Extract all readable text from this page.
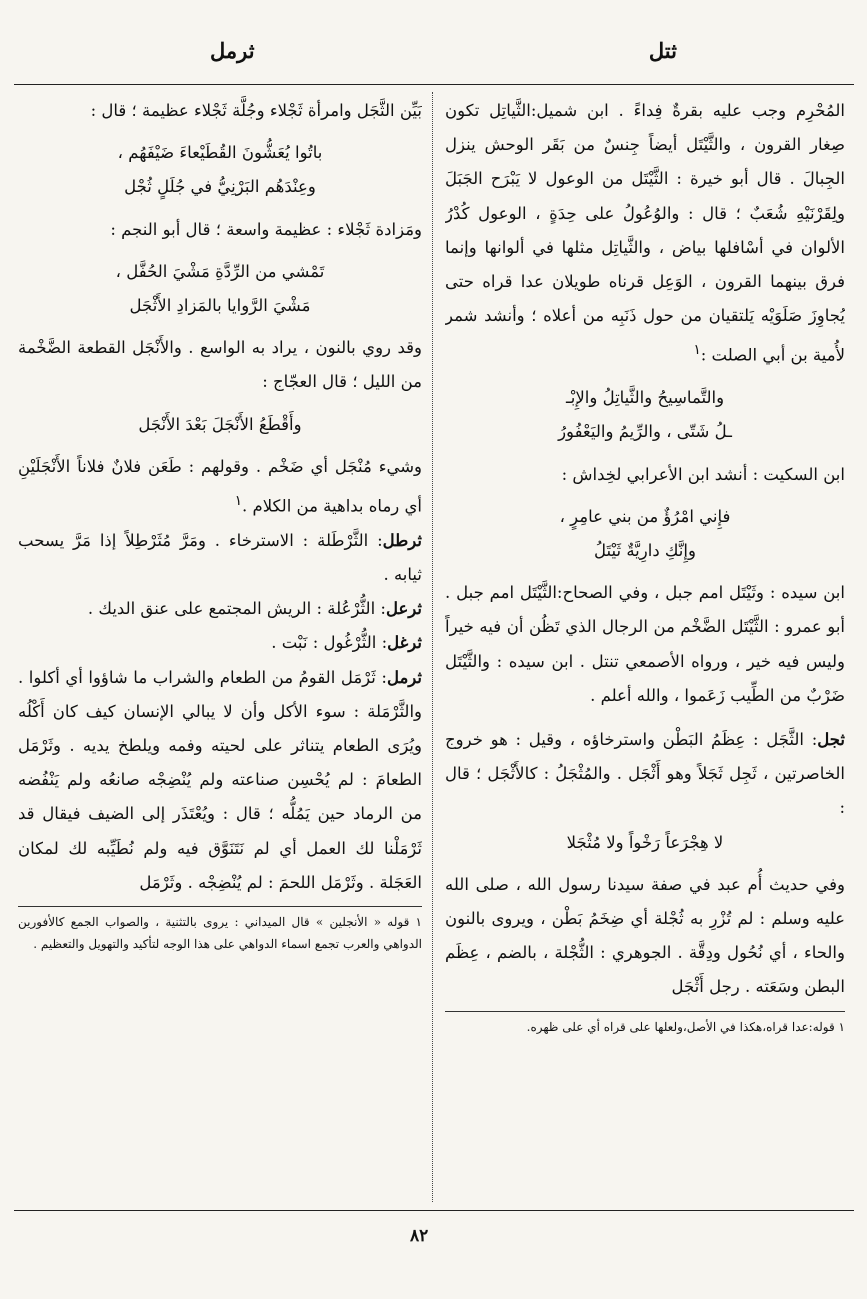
ثتل
ثرمل

المُحْرِم وجب عليه بقرةٌ فِداءً . ابن شميل:الثَّياتِل تكون صِغار القرون ، والثَّيْتَل أيضاً جِنسٌ من بَقَر الوحش ينزل الجِبالَ . قال أبو خيرة : الثَّيْتَل من الوعول لا يَبْرَح الجَبَلَ ولِقَرْنَيْهِ شُعَبٌ ؛ قال : والوُعُولُ على حِدَةٍ ، الوعول كُدْرُ الألوان في أسْافلها بياض ، والثَّياتِل مثلها في ألوانها وإنما فرق بينهما القرون ، الوَعِل قرناه طويلان عدا قراه حتى يُجاوِزَ صَلَوَيْه يَلتقيان من حول ذَنَبِه من أعلاه ؛ وأنشد شمر لأُمية بن أبي الصلت :$^١$

والتَّماسِيحُ والثَّياتِلُ والإِبْـ

ـلُ شَتّى ، والرِّيمُ واليَعْفُورُ

ابن السكيت : أنشد ابن الأعرابي لخِداش :

فإِني امْرُؤٌ من بني عامِرٍ ،

وإِنَّكِ دارِيَّةٌ ثَيْتَلُ

ابن سيده : وثَيْتَل امم جبل ، وفي الصحاح:الثَّيْتَل امم جبل . أبو عمرو : الثَّيْتَل الضَّخْم من الرجال الذي تَظُن أن فيه خيراً وليس فيه خير ، ورواه الأصمعي تنتل . ابن سيده : والثَّيْتَل ضَرْبٌ من الطِّيب زَعَموا ، والله أعلم .

ثجل: الثَّجَل : عِظَمُ البَطْن واسترخاؤه ، وقيل : هو خروج الخاصرتين ، ثَجِل ثَجَلاً وهو أَثْجَل . والمُثْجَلُ : كالأَثْجَل ؛ قال :

لا هِجْرَعاً رَخْواً ولا مُثْجَلا

وفي حديث أُم عبد في صفة سيدنا رسول الله ، صلى الله عليه وسلم : لم تُزْرِ به ثُجْلة أي ضِخَمُ بَطْن ، ويروى بالنون والحاء ، أي نُحُول ودِقَّة . الجوهري : الثُّجْلة ، بالضم ، عِظَم البطن وسَعَته . رجل أَثْجَل

١ قوله:عدا قراه،هكذا في الأصل،ولعلها على قراه أي على ظهره.

بَيِّن الثَّجَل وامرأة ثَجْلاء وجُلَّة ثَجْلاء عظيمة ؛ قال :

باتُوا يُعَشُّونَ القُطَيْعاءَ ضَيْفَهُم ،

وعِنْدَهُم البَرْنِيُّ في جُلَلٍ ثُجْل

ومَزادة ثَجْلاء : عظيمة واسعة ؛ قال أبو النجم :

تَمْشي من الرِّدَّةِ مَشْيَ الحُفَّل ،

مَشْيَ الرَّوايا بالمَزادِ الأَثْجَل

وقد روي بالنون ، يراد به الواسع . والأَنْجَل القطعة الضَّخْمة من الليل ؛ قال العجّاج :

وأَقْطَعُ الأَنْجَلَ بَعْدَ الأَنْجَل

وشيء مُنْجَل أي ضَخْم . وقولهم : طَعَن فلانٌ فلاناً الأَنْجَلَيْنِ أي رماه بداهية من الكلام .$^١$

ثرطل: الثَّرْطَلة : الاسترخاء . ومَرَّ مُثَرْطِلاً إذا مَرَّ يسحب ثيابه .

ثرعل: الثُّرْعُلة : الريش المجتمع على عنق الديك .

ثرغل: الثُّرْغُول : نَبْت .

ثرمل: ثَرْمَل القومُ من الطعام والشراب ما شاؤوا أي أكلوا . والثَّرْمَلة : سوء الأكل وأن لا يبالي الإنسان كيف كان أَكْلُه ويُرَى الطعام يتناثر على لحيته وفمه ويلطخ يديه . وثَرْمَل الطعامَ : لم يُحْسِن صناعته ولم يُنْضِجْه صانعُه ولم يَنْفُضه من الرماد حين يَمُلُّه ؛ قال : ويُعْتَذَر إلى الضيف فيقال قد ثَرْمَلْنا لك العمل أي لم نَتَنَوَّق فيه ولم نُطَيِّبه لك لمكان العَجَلة . وثَرْمَل اللحمَ : لم يُنْضِجْه . وثَرْمَل

١ قوله « الأنجلين » قال الميداني : يروى بالتثنية ، والصواب الجمع كالأفورين الدواهي والعرب تجمع اسماء الدواهي على هذا الوجه لتأكيد والتهويل والتعظيم .

٨٢
